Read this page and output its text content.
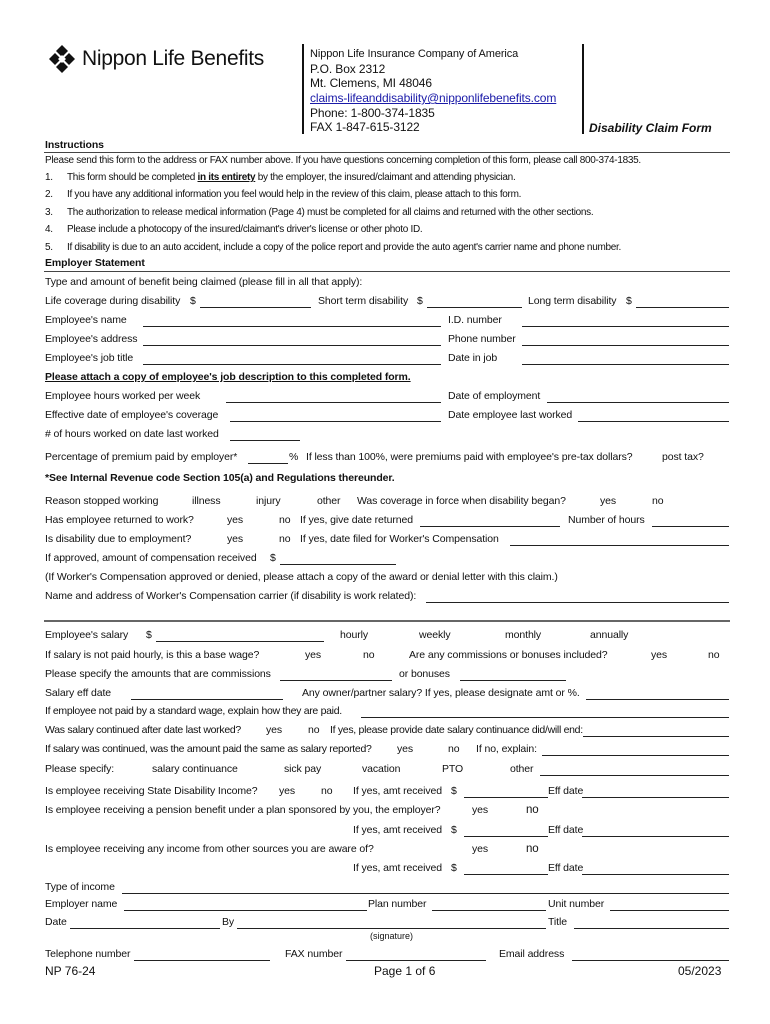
Nippon Life Benefits	Nippon Life Insurance Company of America
P.O. Box 2312
Mt. Clemens, MI 48046
claims-lifeanddisability@nipponlifebenefits.com
Phone: 1-800-374-1835
FAX 1-847-615-3122	Disability Claim Form
Instructions
Please send this form to the address or FAX number above. If you have questions concerning completion of this form, please call 800-374-1835.
1. This form should be completed in its entirety by the employer, the insured/claimant and attending physician.
2. If you have any additional information you feel would help in the review of this claim, please attach to this form.
3. The authorization to release medical information (Page 4) must be completed for all claims and returned with the other sections.
4. Please include a photocopy of the insured/claimant's driver's license or other photo ID.
5. If disability is due to an auto accident, include a copy of the police report and provide the auto agent's carrier name and phone number.
Employer Statement
Type and amount of benefit being claimed (please fill in all that apply):
Life coverage during disability $	Short term disability $	Long term disability $
Employee's name	I.D. number
Employee's address	Phone number
Employee's job title	Date in job
Please attach a copy of employee's job description to this completed form.
Employee hours worked per week	Date of employment
Effective date of employee's coverage	Date employee last worked
# of hours worked on date last worked
Percentage of premium paid by employer*	% If less than 100%, were premiums paid with employee's pre-tax dollars?	post tax?
*See Internal Revenue code Section 105(a) and Regulations thereunder.
Reason stopped working	illness	injury	other Was coverage in force when disability began?	yes	no
Has employee returned to work?	yes	no If yes, give date returned	Number of hours
Is disability due to employment?	yes	no If yes, date filed for Worker's Compensation
If approved, amount of compensation received $
(If Worker's Compensation approved or denied, please attach a copy of the award or denial letter with this claim.)
Name and address of Worker's Compensation carrier (if disability is work related):
Employee's salary $	hourly	weekly	monthly	annually
If salary is not paid hourly, is this a base wage?	yes	no	Are any commissions or bonuses included?	yes	no
Please specify the amounts that are commissions	or bonuses
Salary eff date	Any owner/partner salary? If yes, please designate amt or %.
If employee not paid by a standard wage, explain how they are paid.
Was salary continued after date last worked? yes no If yes, please provide date salary continuance did/will end:
If salary was continued, was the amount paid the same as salary reported? yes	no If no, explain:
Please specify:	salary continuance	sick pay	vacation	PTO	other
Is employee receiving State Disability Income? yes no If yes, amt received $	Eff date
Is employee receiving a pension benefit under a plan sponsored by you, the employer?	yes	no
If yes, amt received $	Eff date
Is employee receiving any income from other sources you are aware of?	yes	no
If yes, amt received $	Eff date
Type of income
Employer name	Plan number	Unit number
Date	By	Title
(signature)
Telephone number	FAX number	Email address
NP 76-24	Page 1 of 6	05/2023
